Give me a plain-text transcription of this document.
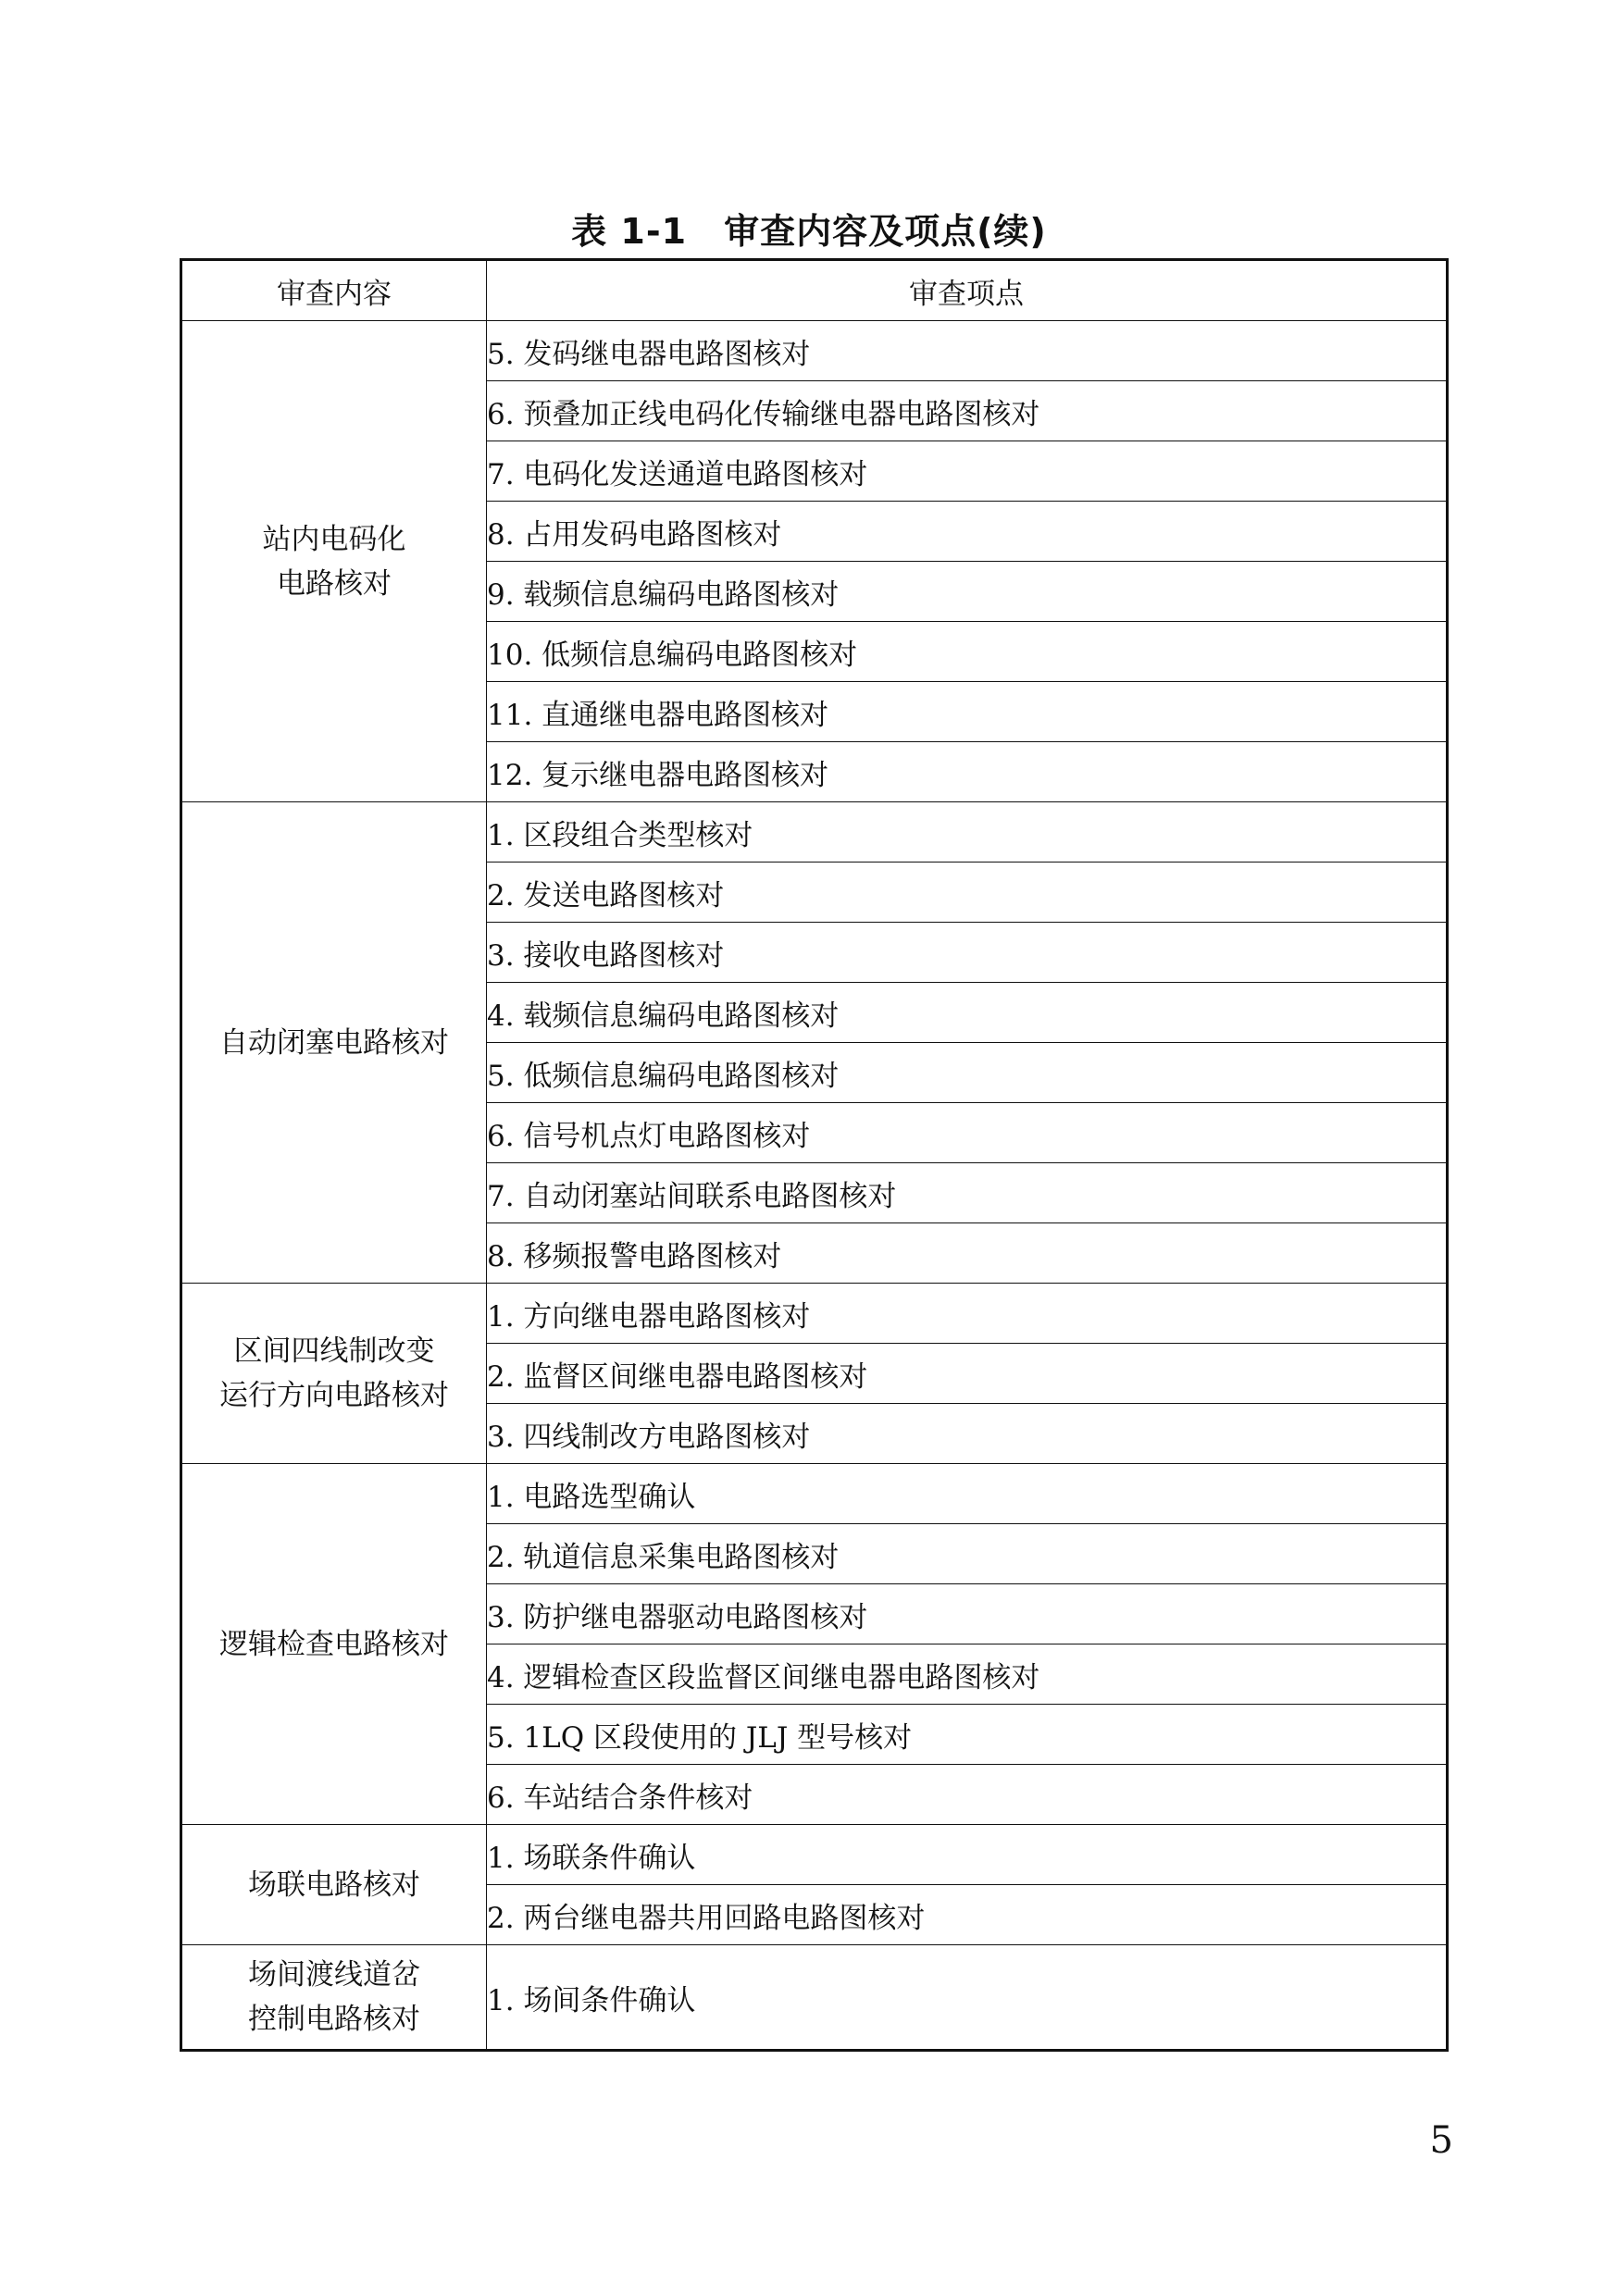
表 1-1 审查内容及项点(续)
审查内容	审查项点

站内电码化
电路核对	5. 发码继电器电路图核对
	6. 预叠加正线电码化传输继电器电路图核对
	7. 电码化发送通道电路图核对
	8. 占用发码电路图核对
	9. 载频信息编码电路图核对
	10. 低频信息编码电路图核对
	11. 直通继电器电路图核对
	12. 复示继电器电路图核对

自动闭塞电路核对	1. 区段组合类型核对
	2. 发送电路图核对
	3. 接收电路图核对
	4. 载频信息编码电路图核对
	5. 低频信息编码电路图核对
	6. 信号机点灯电路图核对
	7. 自动闭塞站间联系电路图核对
	8. 移频报警电路图核对

区间四线制改变
运行方向电路核对	1. 方向继电器电路图核对
	2. 监督区间继电器电路图核对
	3. 四线制改方电路图核对

逻辑检查电路核对	1. 电路选型确认
	2. 轨道信息采集电路图核对
	3. 防护继电器驱动电路图核对
	4. 逻辑检查区段监督区间继电器电路图核对
	5. 1LQ 区段使用的 JLJ 型号核对
	6. 车站结合条件核对

场联电路核对	1. 场联条件确认
	2. 两台继电器共用回路电路图核对

场间渡线道岔
控制电路核对	1. 场间条件确认
5
